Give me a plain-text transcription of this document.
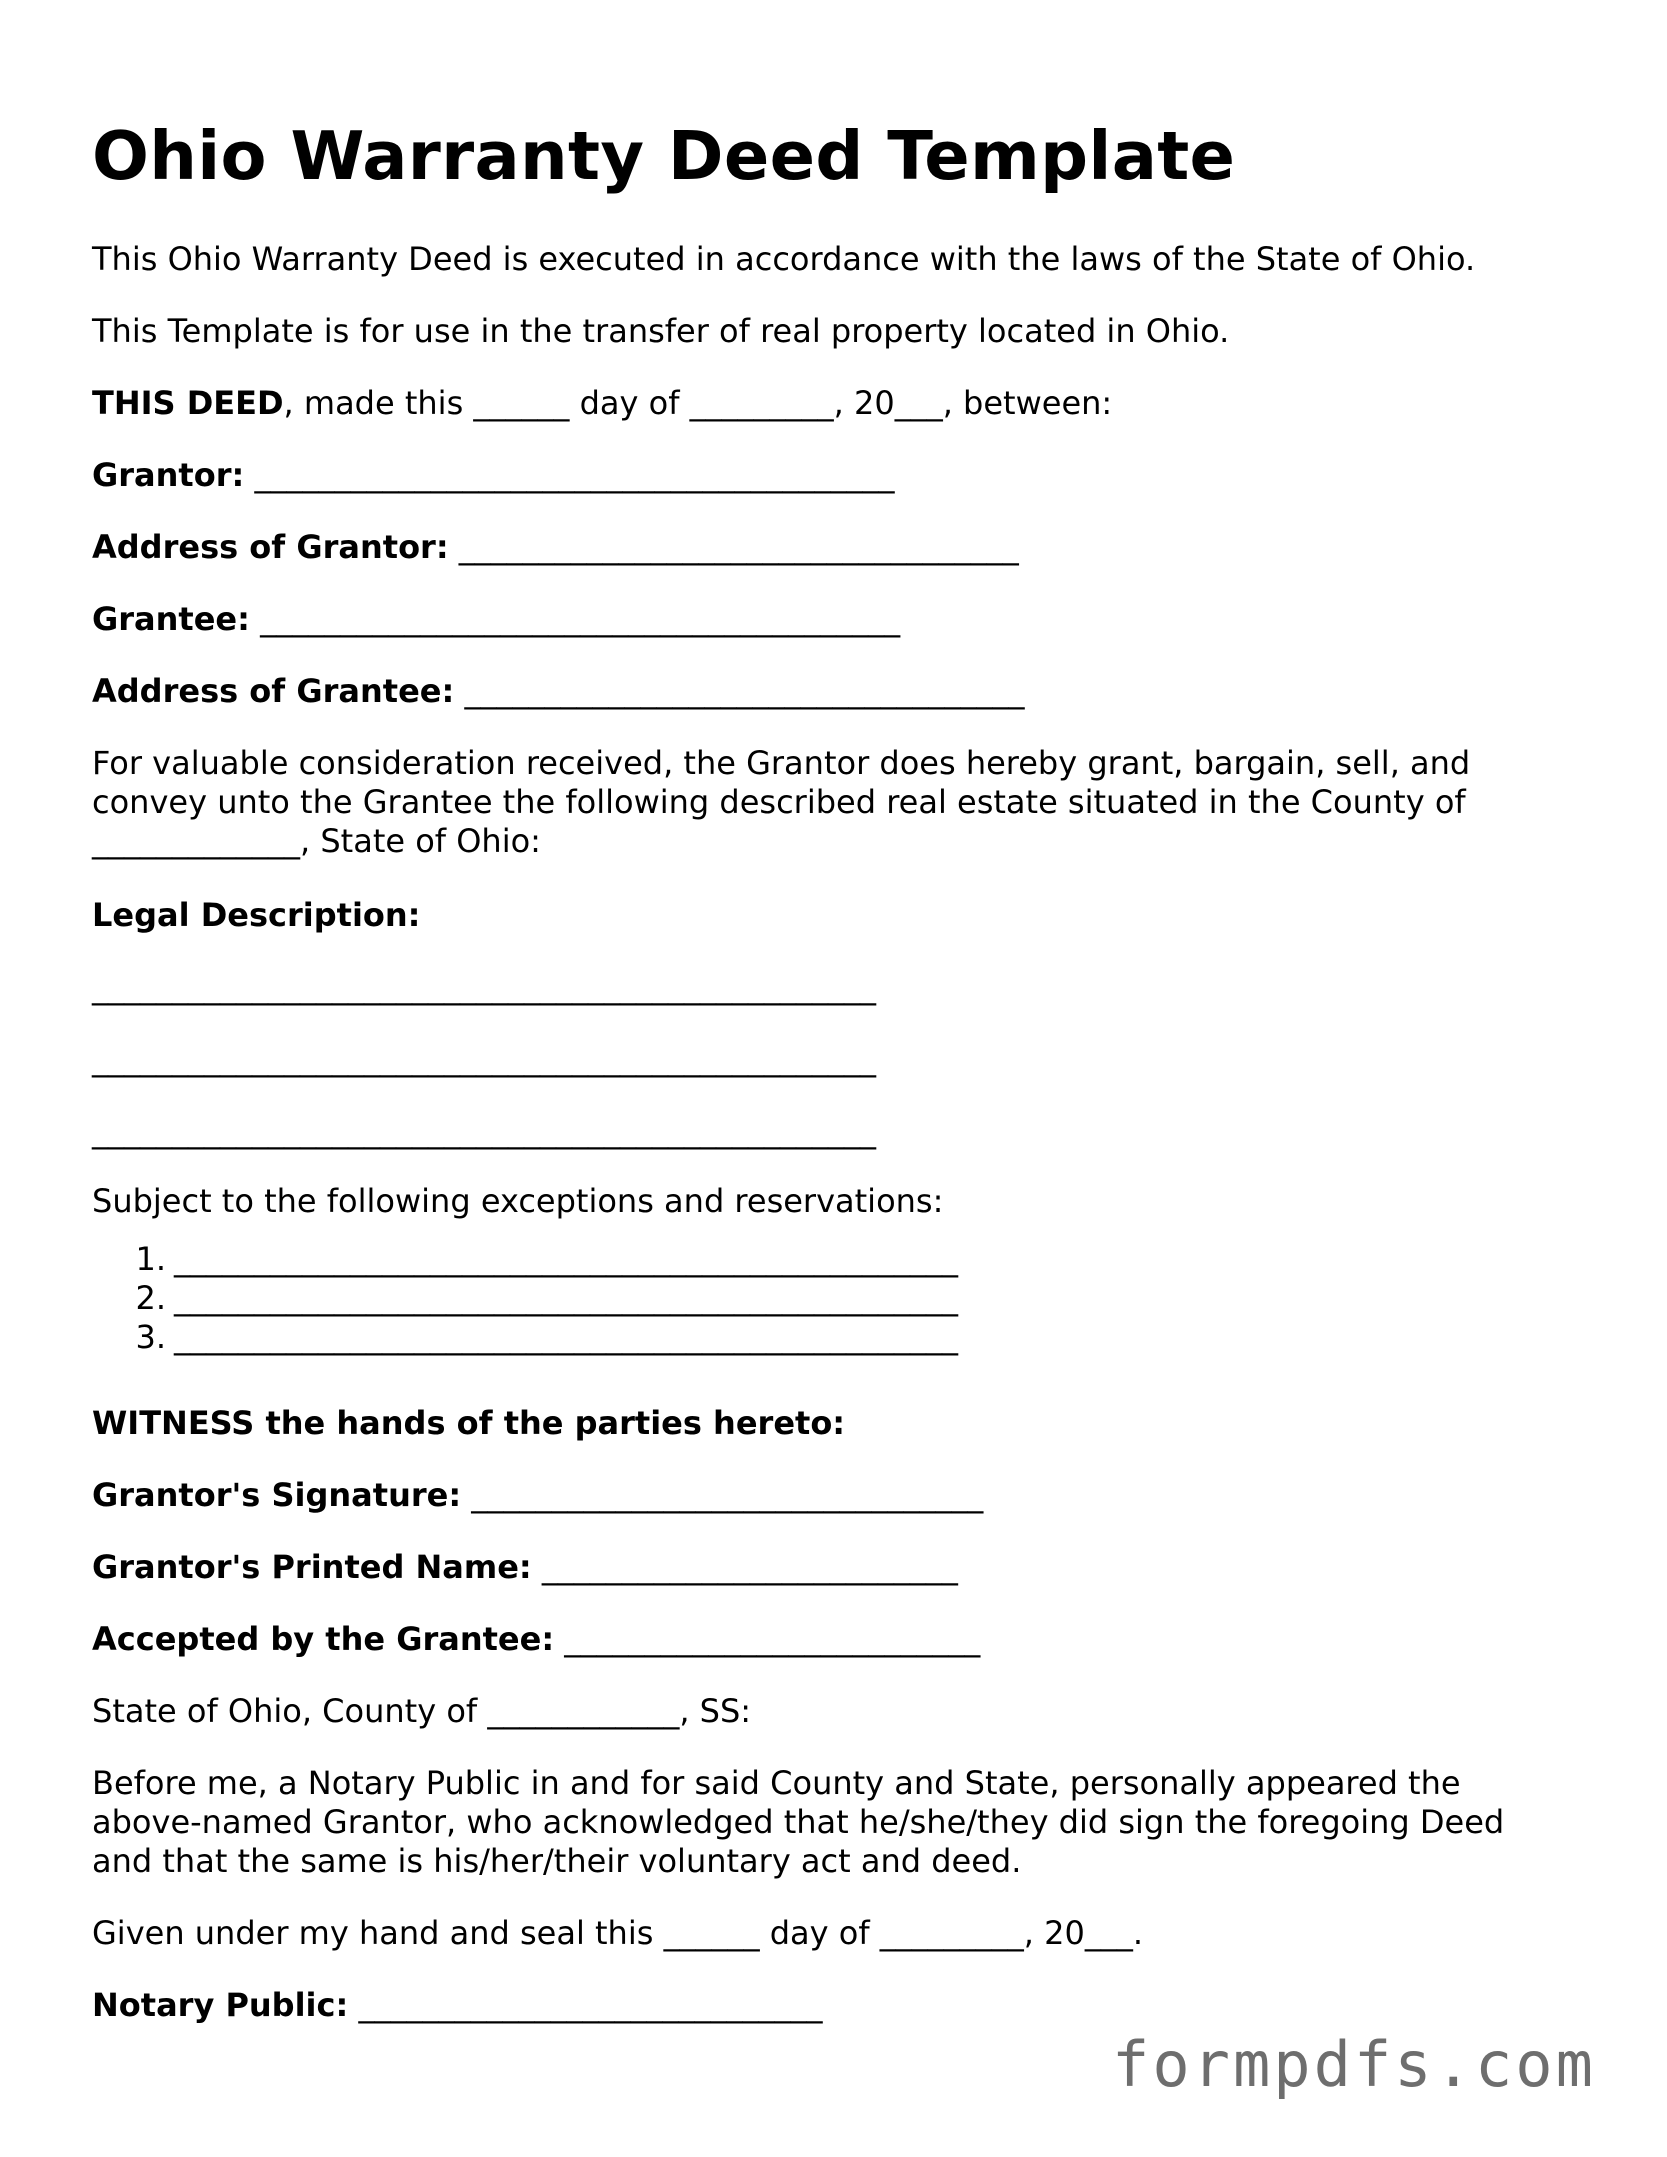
Ohio Warranty Deed Template

This Ohio Warranty Deed is executed in accordance with the laws of the State of Ohio.

This Template is for use in the transfer of real property located in Ohio.

THIS DEED, made this ______ day of _________, 20___, between:

Grantor: ________________________________________

Address of Grantor: ___________________________________

Grantee: ________________________________________

Address of Grantee: ___________________________________

For valuable consideration received, the Grantor does hereby grant, bargain, sell, and

convey unto the Grantee the following described real estate situated in the County of

_____________, State of Ohio:

Legal Description:

_________________________________________________

_________________________________________________

_________________________________________________

Subject to the following exceptions and reservations:

1. _________________________________________________
2. _________________________________________________
3. _________________________________________________

WITNESS the hands of the parties hereto:

Grantor's Signature: ________________________________

Grantor's Printed Name: __________________________

Accepted by the Grantee: __________________________

State of Ohio, County of ____________, SS:

Before me, a Notary Public in and for said County and State, personally appeared the

above-named Grantor, who acknowledged that he/she/they did sign the foregoing Deed

and that the same is his/her/their voluntary act and deed.

Given under my hand and seal this ______ day of _________, 20___.

Notary Public: _____________________________

formpdfs.com
